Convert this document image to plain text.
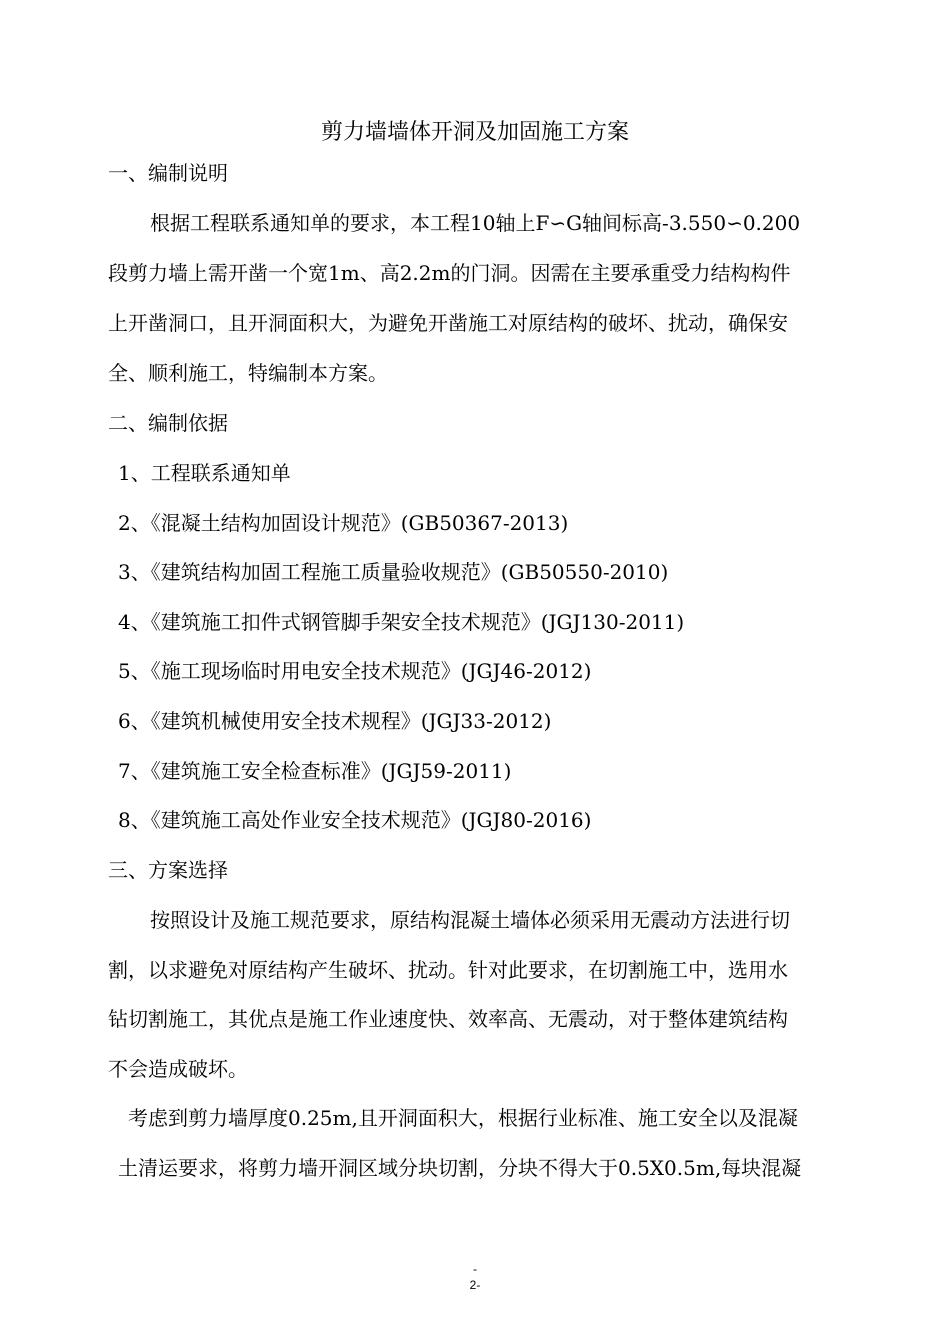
剪力墙墙体开洞及加固施工方案
一、编制说明
根据工程联系通知单的要求，本工程10轴上F∽G轴间标高-3.550∽0.200
段剪力墙上需开凿一个宽1m、高2.2m的门洞。因需在主要承重受力结构构件
上开凿洞口，且开洞面积大，为避免开凿施工对原结构的破坏、扰动，确保安
全、顺利施工，特编制本方案。
二、编制依据
1、工程联系通知单
2、《混凝土结构加固设计规范》(GB50367-2013)
3、《建筑结构加固工程施工质量验收规范》(GB50550-2010)
4、《建筑施工扣件式钢管脚手架安全技术规范》(JGJ130-2011)
5、《施工现场临时用电安全技术规范》(JGJ46-2012)
6、《建筑机械使用安全技术规程》(JGJ33-2012)
7、《建筑施工安全检查标准》(JGJ59-2011)
8、《建筑施工高处作业安全技术规范》(JGJ80-2016)
三、方案选择
按照设计及施工规范要求，原结构混凝土墙体必须采用无震动方法进行切
割，以求避免对原结构产生破坏、扰动。针对此要求，在切割施工中，选用水
钻切割施工，其优点是施工作业速度快、效率高、无震动，对于整体建筑结构
不会造成破坏。
考虑到剪力墙厚度0.25m,且开洞面积大，根据行业标准、施工安全以及混凝
土清运要求，将剪力墙开洞区域分块切割，分块不得大于0.5X0.5m,每块混凝
-
2-
